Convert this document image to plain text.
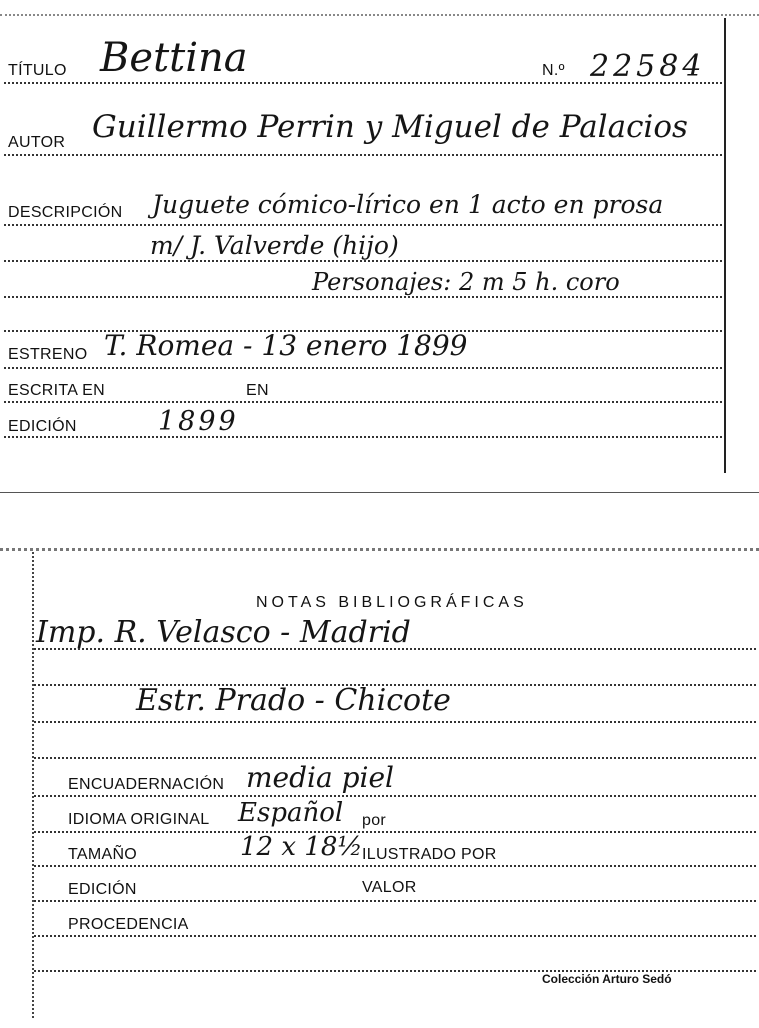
TÍTULO Bettina	N.º 22584
AUTOR Guillermo Perrin y Miguel de Palacios
DESCRIPCIÓN Juguete cómico-lírico en 1 acto en prosa
m/ J. Valverde (hijo)
Personajes: 2 m 5 h. coro
ESTRENO T. Romea - 13 enero 1899
ESCRITA EN	EN
EDICIÓN	1899
NOTAS BIBLIOGRÁFICAS
Imp. R. Velasco - Madrid
Estr. Prado - Chicote
ENCUADERNACIÓN media piel
IDIOMA ORIGINAL Español por
TAMAÑO	12 x 18½ ILUSTRADO POR
EDICIÓN	VALOR
PROCEDENCIA
Colección Arturo Sedó
